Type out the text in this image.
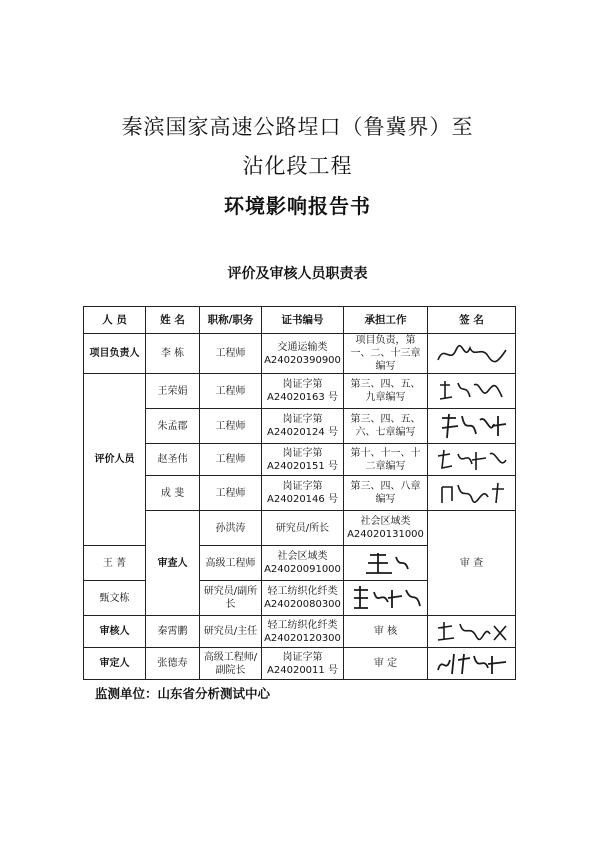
秦滨国家高速公路埕口（鲁冀界）至
沾化段工程
环境影响报告书
评价及审核人员职责表
人 员	姓 名	职称/职务	证书编号	承担工作	签 名	
项目负责人	李 栋	工程师	交通运输类A24020390900	项目负责，第一、二、十三章编写	

评价人员	王荣娟	工程师	岗证字第A24020163 号	第三、四、五、九章编写	

	朱孟郡	工程师	岗证字第A24020124 号	第三、四、五、六、七章编写	

	赵圣伟	工程师	岗证字第A24020151 号	第十、十一、十二章编写	

	成 斐	工程师	岗证字第A24020146 号	第三、四、八章编写	

	审查人	孙洪涛	研究员/所长	社会区域类A24020131000	审 查	

王 菁		高级工程师	社会区域类A24020091000	

甄文栋		研究员/副所长	轻工纺织化纤类A24020080300	

审核人	秦霄鹏	研究员/主任	轻工纺织化纤类A24020120300	审 核	

审定人	张德寿	高级工程师/副院长	岗证字第A24020011 号	审 定	
监测单位：山东省分析测试中心
